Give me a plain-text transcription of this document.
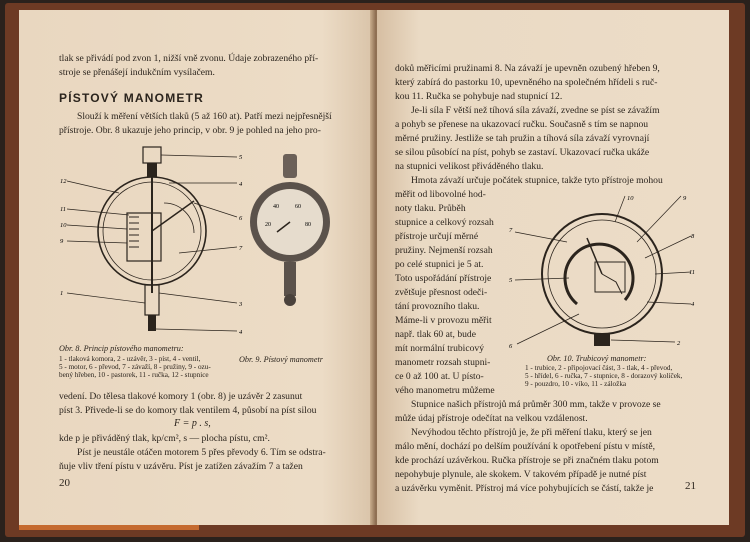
tlak se přivádí pod zvon 1, nižší vně zvonu. Údaje zobrazeného pří-
stroje se přenášejí indukčním vysílačem.
PÍSTOVÝ MANOMETR
Slouží k měření větších tlaků (5 až 160 at). Patří mezi nejpřesnější
přístroje. Obr. 8 ukazuje jeho princip, v obr. 9 je pohled na jeho pro-
5
4
6
7
3
4
12
11
10
9
1
40	60
20	80
Obr. 8. Princip pístového manometru:
1 - tlaková komora, 2 - uzávěr, 3 - píst, 4 - ventil,
5 - motor, 6 - převod, 7 - závaží, 8 - pružiny, 9 - ozu-
bený hřeben, 10 - pastorek, 11 - ručka, 12 - stupnice
Obr. 9. Pístový manometr
vedení. Do tělesa tlakové komory 1 (obr. 8) je uzávěr 2 zasunut
píst 3. Přivede-li se do komory tlak ventilem 4, působí na píst silou
F = p . s,
kde p je přiváděný tlak, kp/cm², s — plocha pístu, cm².
Píst je neustále otáčen motorem 5 přes převody 6. Tím se odstra-
ňuje vliv tření pístu v uzávěru. Píst je zatížen závažím 7 a tažen
20
doků měřicími pružinami 8. Na závaží je upevněn ozubený hřeben 9,
který zabírá do pastorku 10, upevněného na společném hřídeli s ruč-
kou 11. Ručka se pohybuje nad stupnicí 12.
Je-li síla F větší než tíhová síla závaží, zvedne se píst se závažím
a pohyb se přenese na ukazovací ručku. Současně s tím se napnou
měrné pružiny. Jestliže se tah pružin a tíhová síla závaží vyrovnají
se silou působící na píst, pohyb se zastaví. Ukazovací ručka ukáže
na stupnici velikost přiváděného tlaku.
Hmota závaží určuje počátek stupnice, takže tyto přístroje mohou
měřit od libovolné hod-
noty tlaku. Průběh
stupnice a celkový rozsah
přístroje určují měrné
pružiny. Nejmenší rozsah
po celé stupnici je 5 at.
Toto uspořádání přístroje
zvětšuje přesnost odeči-
tání provozního tlaku.
Máme-li v provozu měřit
např. tlak 60 at, bude
mít normální trubicový
manometr rozsah stupni-
ce 0 až 100 at. U písto-
vého manometru můžeme
7
5
6
10	9
8
11
4
2
Obr. 10. Trubicový manometr:
1 - trubice, 2 - připojovací část, 3 - tlak, 4 - převod,
5 - hřídel, 6 - ručka, 7 - stupnice, 8 - dorazový kolíček,
9 - pouzdro, 10 - víko, 11 - záložka
Stupnice našich přístrojů má průměr 300 mm, takže v provoze se
může údaj přístroje odečítat na velkou vzdálenost.
Nevýhodou těchto přístrojů je, že při měření tlaku, který se jen
málo mění, dochází po delším používání k opotřebení pístu v místě,
kde prochází uzávěrkou. Ručka přístroje se při značném tlaku potom
nepohybuje plynule, ale skokem. V takovém případě je nutné píst
a uzávěrku vyměnit. Přístroj má více pohybujících se částí, takže je	21
